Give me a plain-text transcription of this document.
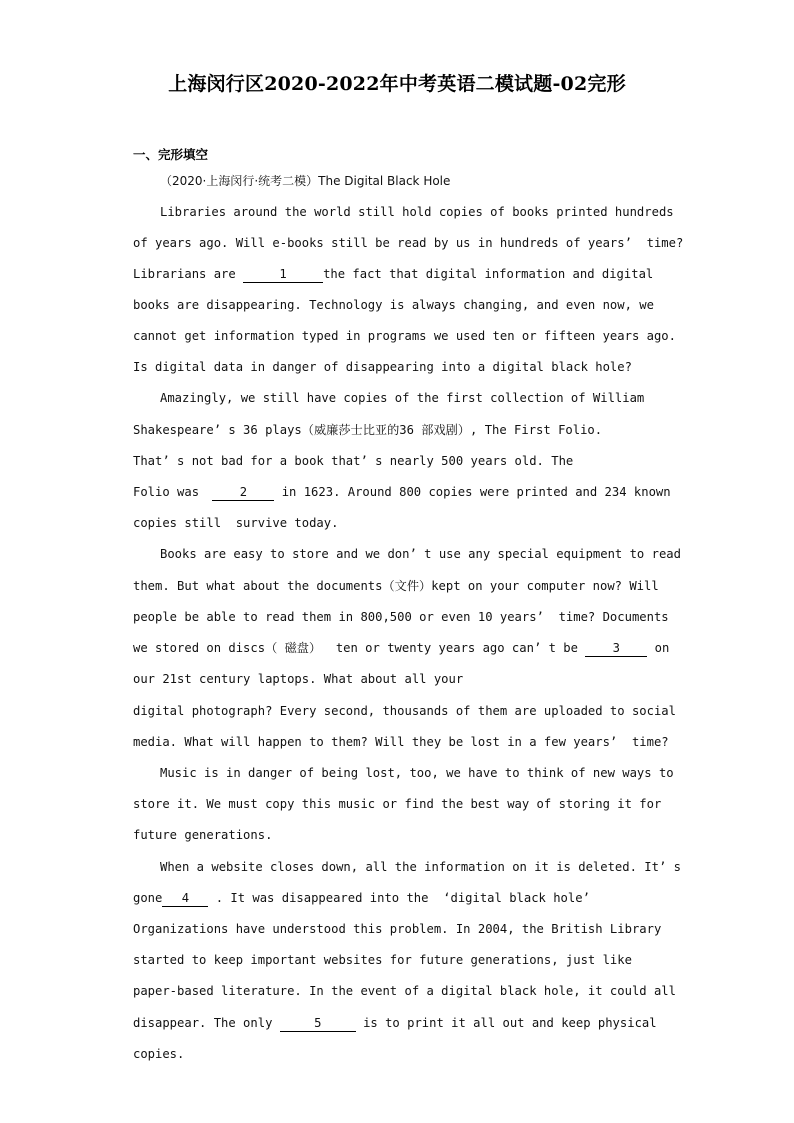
上海闵行区2020-2022年中考英语二模试题-02完形
一、完形填空
（2020·上海闵行·统考二模）The Digital Black Hole
Libraries around the world still hold copies of books printed hundreds
of years ago. Will e-books still be read by us in hundreds of years’  time?
Librarians are	1	the fact that digital information and digital
books are disappearing. Technology is always changing, and even now, we
cannot get information typed in programs we used ten or fifteen years ago.
Is digital data in danger of disappearing into a digital black hole?
Amazingly, we still have copies of the first collection of William
Shakespeare’ s 36 plays（威廉莎士比亚的36 部戏剧）, The First Folio.
That’ s not bad for a book that’ s nearly 500 years old. The
Folio was	2 in 1623. Around 800 copies were printed and 234 known
copies still  survive today.
Books are easy to store and we don’ t use any special equipment to read
them. But what about the documents（文件）kept on your computer now? Will
people be able to read them in 800,500 or even 10 years’  time? Documents
we stored on discs（ 磁盘）  ten or twenty years ago can’ t be 3 on
our 21st century laptops. What about all your
digital photograph? Every second, thousands of them are uploaded to social
media. What will happen to them? Will they be lost in a few years’  time?
Music is in danger of being lost, too, we have to think of new ways to
store it. We must copy this music or find the best way of storing it for
future generations.
When a website closes down, all the information on it is deleted. It’ s
gone 4 . It was disappeared into the  ‘digital black hole’
Organizations have understood this problem. In 2004, the British Library
started to keep important websites for future generations, just like
paper-based literature. In the event of a digital black hole, it could all
disappear. The only	5	is to print it all out and keep physical
copies.
